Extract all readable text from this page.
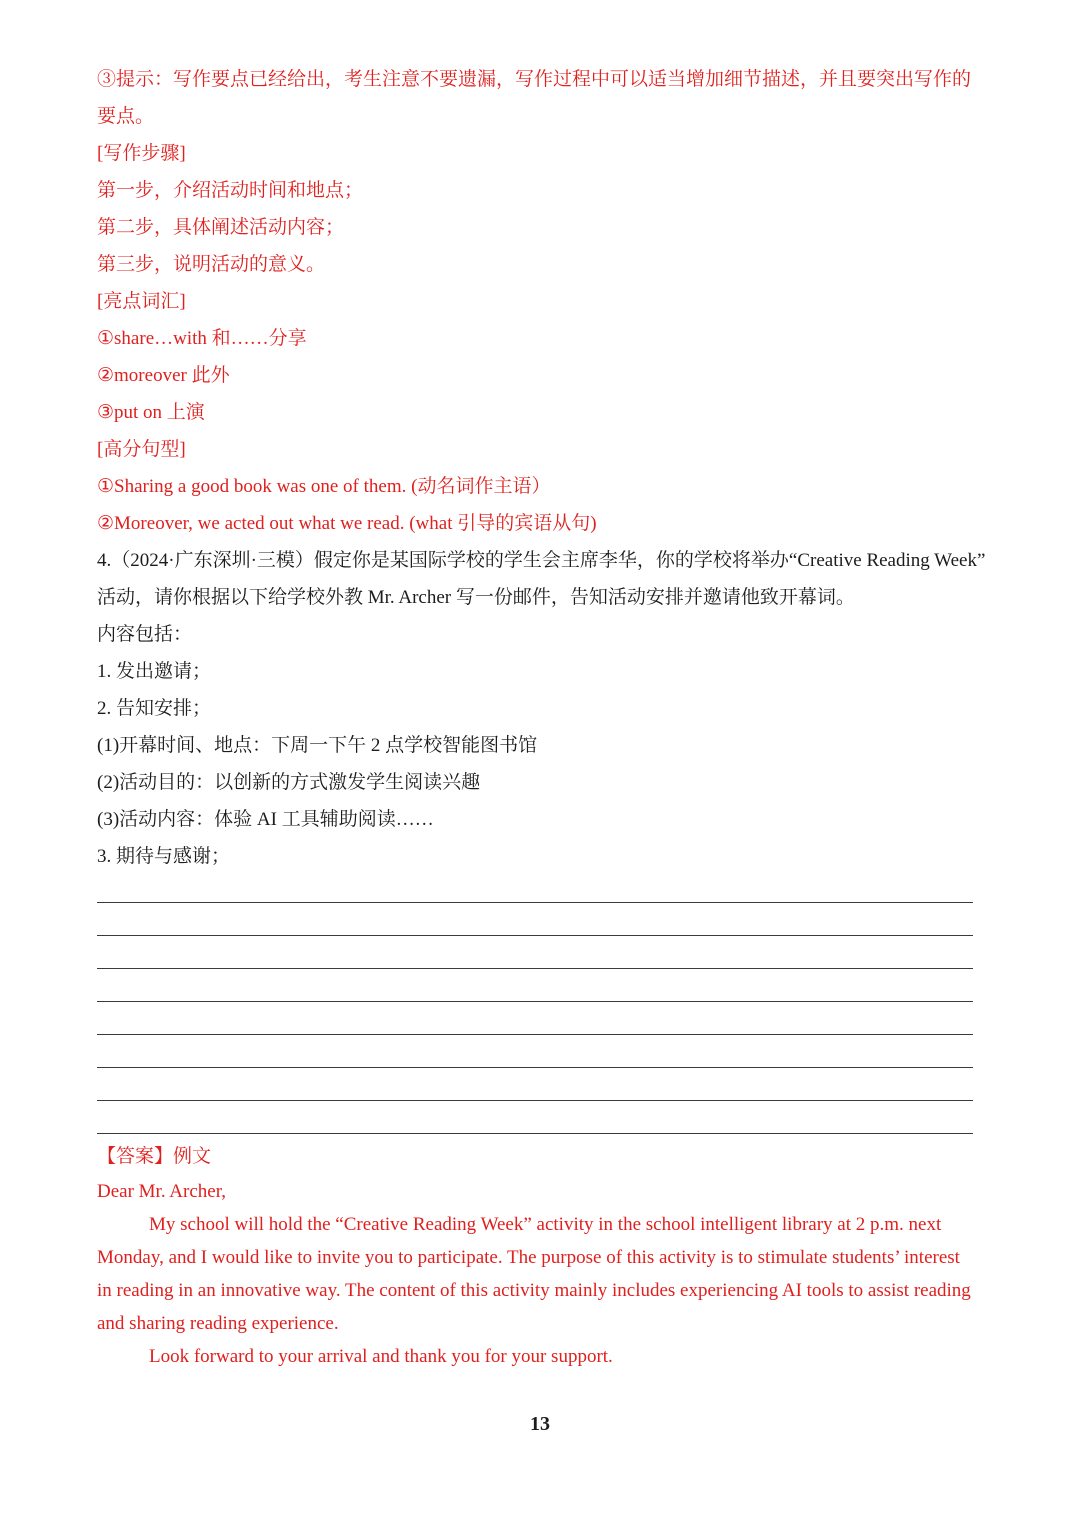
③提示：写作要点已经给出，考生注意不要遗漏，写作过程中可以适当增加细节描述，并且要突出写作的
要点。
[写作步骤]
第一步，介绍活动时间和地点；
第二步，具体阐述活动内容；
第三步，说明活动的意义。
[亮点词汇]
①share…with 和……分享
②moreover 此外
③put on 上演
[高分句型]
①Sharing a good book was one of them. (动名词作主语）
②Moreover, we acted out what we read. (what 引导的宾语从句)
4.（2024·广东深圳·三模）假定你是某国际学校的学生会主席李华，你的学校将举办“Creative Reading Week”
活动，请你根据以下给学校外教 Mr. Archer 写一份邮件，告知活动安排并邀请他致开幕词。
内容包括：
1. 发出邀请；
2. 告知安排；
(1)开幕时间、地点：下周一下午 2 点学校智能图书馆
(2)活动目的：以创新的方式激发学生阅读兴趣
(3)活动内容：体验 AI 工具辅助阅读……
3. 期待与感谢；
【答案】例文
Dear Mr. Archer,
My school will hold the “Creative Reading Week” activity in the school intelligent library at 2 p.m. next
Monday, and I would like to invite you to participate. The purpose of this activity is to stimulate students’ interest
in reading in an innovative way. The content of this activity mainly includes experiencing AI tools to assist reading
and sharing reading experience.
Look forward to your arrival and thank you for your support.
13
